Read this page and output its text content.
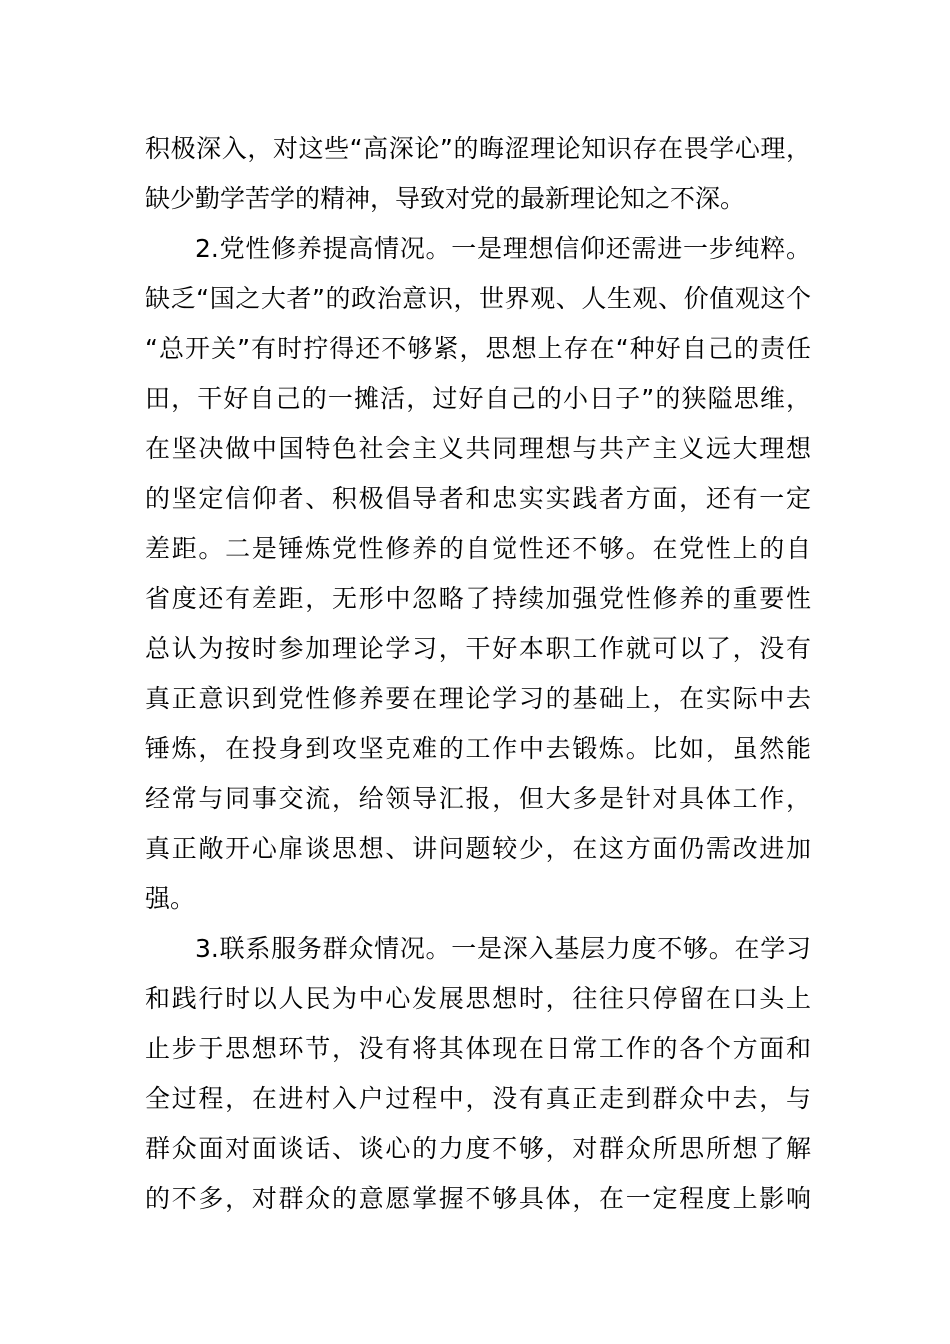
积极深入，对这些“高深论”的晦涩理论知识存在畏学心理，
缺少勤学苦学的精神，导致对党的最新理论知之不深。
2.党性修养提高情况。一是理想信仰还需进一步纯粹。
缺乏“国之大者”的政治意识，世界观、人生观、价值观这个
“总开关”有时拧得还不够紧，思想上存在“种好自己的责任
田，干好自己的一摊活，过好自己的小日子”的狭隘思维，
在坚决做中国特色社会主义共同理想与共产主义远大理想
的坚定信仰者、积极倡导者和忠实实践者方面，还有一定
差距。二是锤炼党性修养的自觉性还不够。在党性上的自
省度还有差距，无形中忽略了持续加强党性修养的重要性
总认为按时参加理论学习，干好本职工作就可以了，没有
真正意识到党性修养要在理论学习的基础上，在实际中去
锤炼，在投身到攻坚克难的工作中去锻炼。比如，虽然能
经常与同事交流，给领导汇报，但大多是针对具体工作，
真正敞开心扉谈思想、讲问题较少，在这方面仍需改进加
强。
3.联系服务群众情况。一是深入基层力度不够。在学习
和践行时以人民为中心发展思想时，往往只停留在口头上
止步于思想环节，没有将其体现在日常工作的各个方面和
全过程，在进村入户过程中，没有真正走到群众中去，与
群众面对面谈话、谈心的力度不够，对群众所思所想了解
的不多，对群众的意愿掌握不够具体，在一定程度上影响
